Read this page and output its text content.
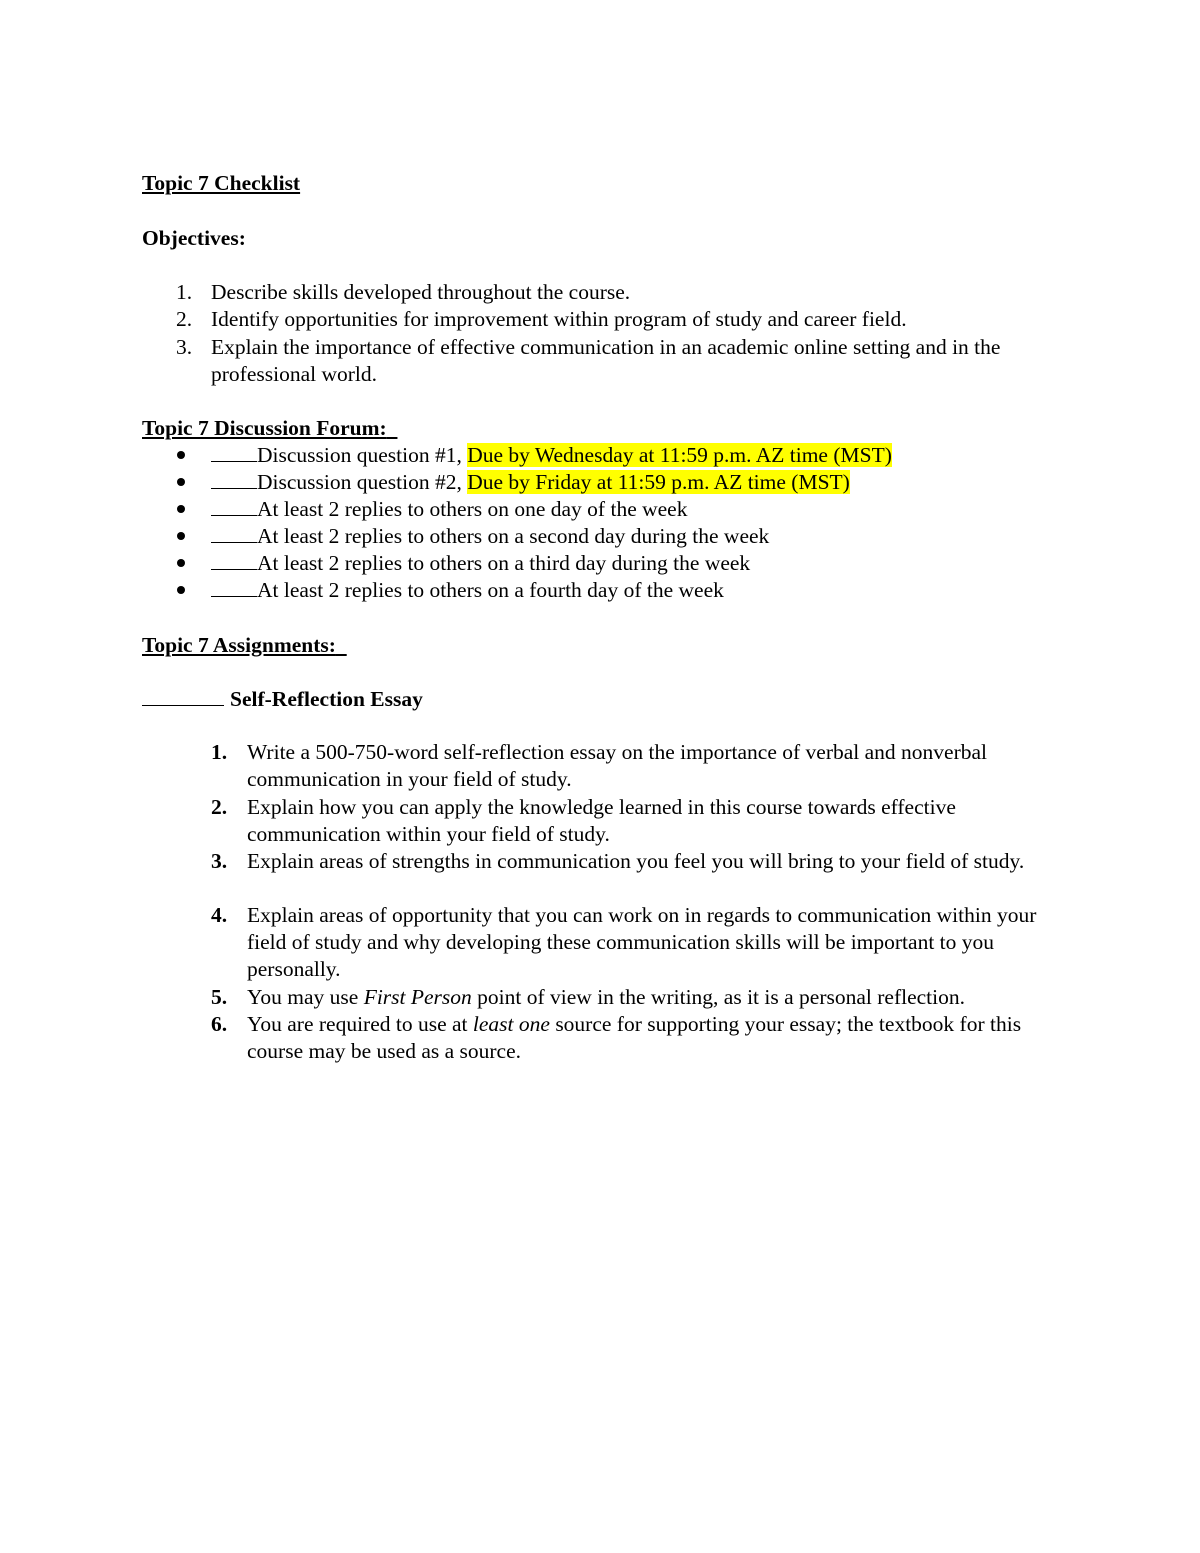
Topic 7 Checklist
Objectives:
1. Describe skills developed throughout the course.
2. Identify opportunities for improvement within program of study and career field.
3. Explain the importance of effective communication in an academic online setting and in the professional world.
Topic 7 Discussion Forum:
Discussion question #1, Due by Wednesday at 11:59 p.m. AZ time (MST)
Discussion question #2, Due by Friday at 11:59 p.m. AZ time (MST)
At least 2 replies to others on one day of the week
At least 2 replies to others on a second day during the week
At least 2 replies to others on a third day during the week
At least 2 replies to others on a fourth day of the week
Topic 7 Assignments:
Self-Reflection Essay
1. Write a 500-750-word self-reflection essay on the importance of verbal and nonverbal communication in your field of study.
2. Explain how you can apply the knowledge learned in this course towards effective communication within your field of study.
3. Explain areas of strengths in communication you feel you will bring to your field of study.
4. Explain areas of opportunity that you can work on in regards to communication within your field of study and why developing these communication skills will be important to you personally.
5. You may use First Person point of view in the writing, as it is a personal reflection.
6. You are required to use at least one source for supporting your essay; the textbook for this course may be used as a source.
